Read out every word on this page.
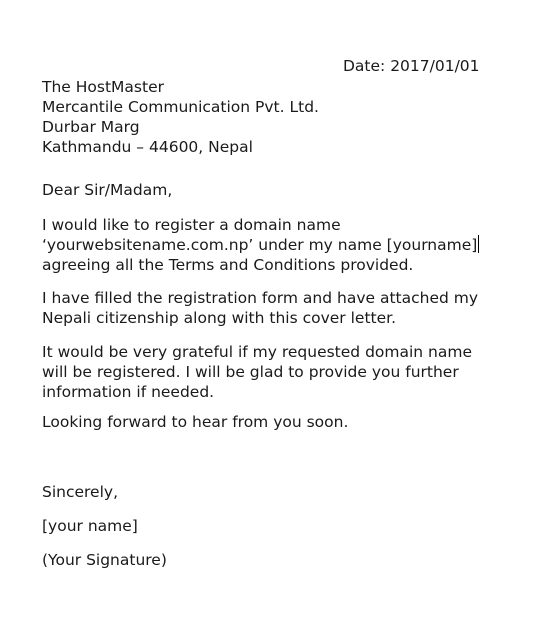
Date: 2017/01/01
The HostMaster
Mercantile Communication Pvt. Ltd.
Durbar Marg
Kathmandu – 44600, Nepal
Dear Sir/Madam,
I would like to register a domain name
‘yourwebsitename.com.np’ under my name [yourname]
agreeing all the Terms and Conditions provided.
I have filled the registration form and have attached my
Nepali citizenship along with this cover letter.
It would be very grateful if my requested domain name
will be registered. I will be glad to provide you further
information if needed.
Looking forward to hear from you soon.
Sincerely,
[your name]
(Your Signature)
